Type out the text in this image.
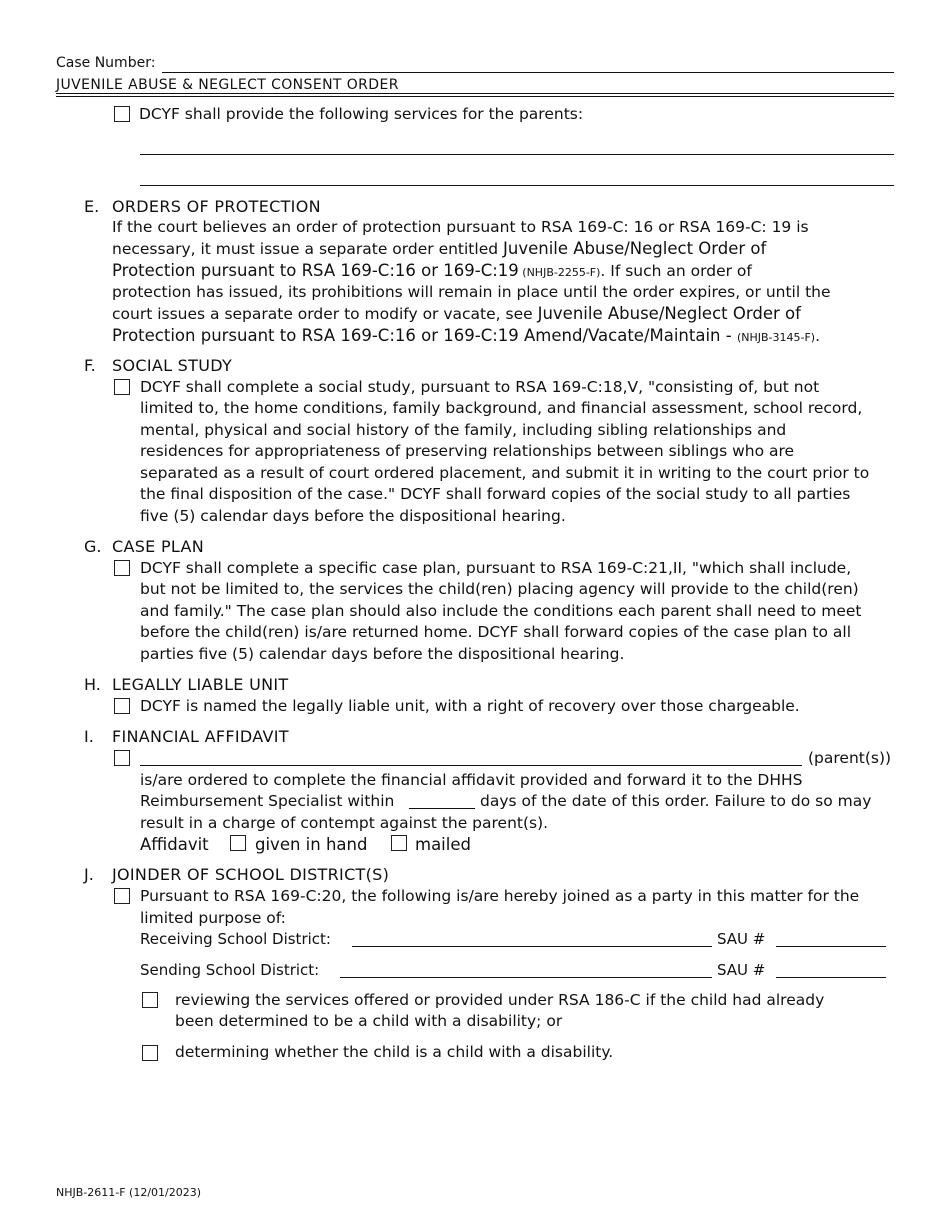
Case Number:
JUVENILE ABUSE & NEGLECT CONSENT ORDER
DCYF shall provide the following services for the parents:
E. ORDERS OF PROTECTION
If the court believes an order of protection pursuant to RSA 169-C: 16 or RSA 169-C: 19 is
necessary, it must issue a separate order entitled Juvenile Abuse/Neglect Order of
Protection pursuant to RSA 169-C:16 or 169-C:19 (NHJB-2255-F). If such an order of
protection has issued, its prohibitions will remain in place until the order expires, or until the
court issues a separate order to modify or vacate, see Juvenile Abuse/Neglect Order of
Protection pursuant to RSA 169-C:16 or 169-C:19 Amend/Vacate/Maintain - (NHJB-3145-F).
F. SOCIAL STUDY
DCYF shall complete a social study, pursuant to RSA 169-C:18,V, "consisting of, but not
limited to, the home conditions, family background, and financial assessment, school record,
mental, physical and social history of the family, including sibling relationships and
residences for appropriateness of preserving relationships between siblings who are
separated as a result of court ordered placement, and submit it in writing to the court prior to
the final disposition of the case." DCYF shall forward copies of the social study to all parties
five (5) calendar days before the dispositional hearing.
G. CASE PLAN
DCYF shall complete a specific case plan, pursuant to RSA 169-C:21,II, "which shall include,
but not be limited to, the services the child(ren) placing agency will provide to the child(ren)
and family." The case plan should also include the conditions each parent shall need to meet
before the child(ren) is/are returned home. DCYF shall forward copies of the case plan to all
parties five (5) calendar days before the dispositional hearing.
H. LEGALLY LIABLE UNIT
DCYF is named the legally liable unit, with a right of recovery over those chargeable.
I. FINANCIAL AFFIDAVIT
(parent(s))
is/are ordered to complete the financial affidavit provided and forward it to the DHHS
Reimbursement Specialist within	days of the date of this order. Failure to do so may
result in a charge of contempt against the parent(s).
Affidavit	given in hand	mailed
J. JOINDER OF SCHOOL DISTRICT(S)
Pursuant to RSA 169-C:20, the following is/are hereby joined as a party in this matter for the
limited purpose of:
Receiving School District:	SAU #
Sending School District:	SAU #
reviewing the services offered or provided under RSA 186-C if the child had already
been determined to be a child with a disability; or
determining whether the child is a child with a disability.
NHJB-2611-F (12/01/2023)
